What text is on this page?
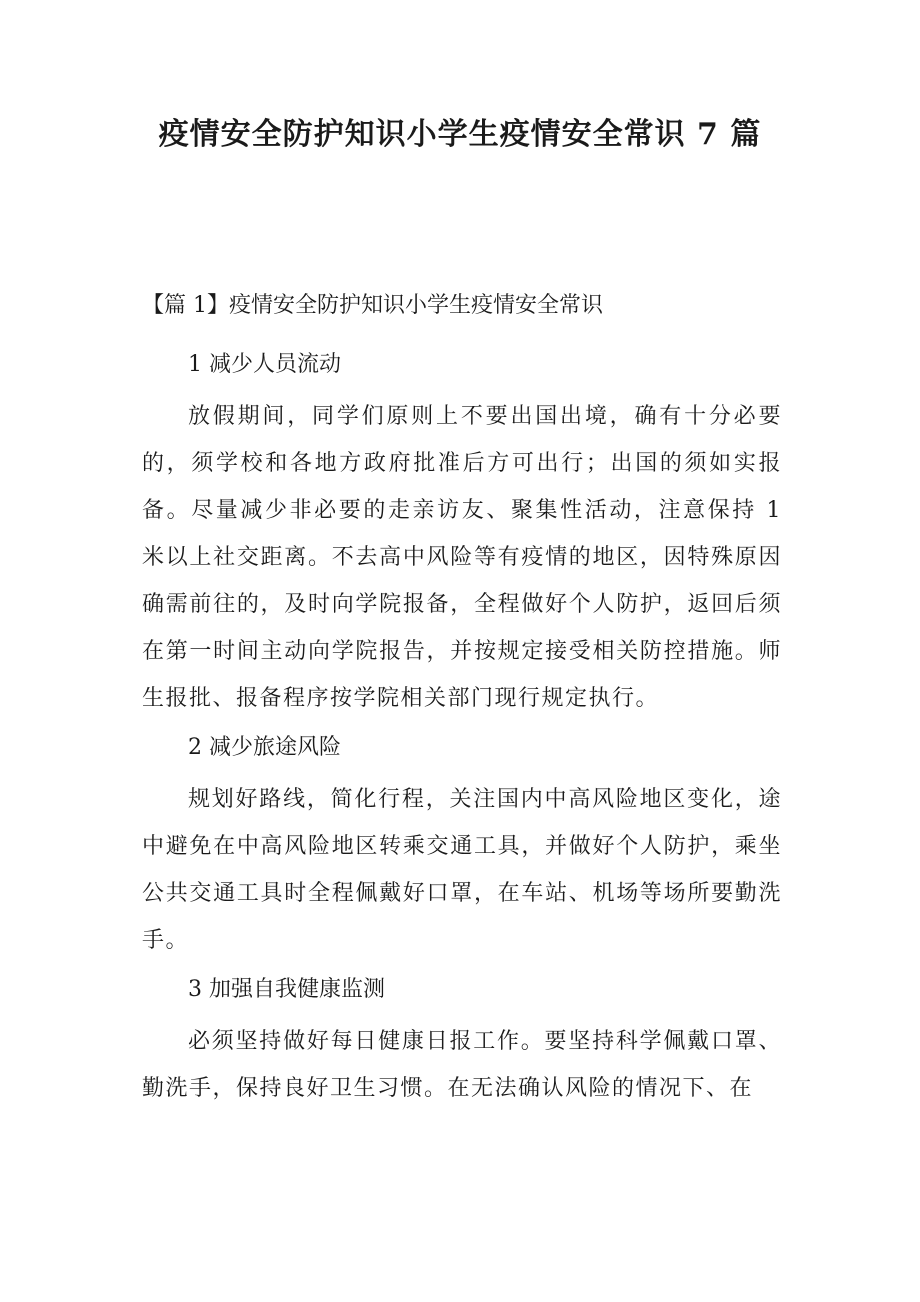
疫情安全防护知识小学生疫情安全常识 7 篇
【篇 1】疫情安全防护知识小学生疫情安全常识
1 减少人员流动

放假期间，同学们原则上不要出国出境，确有十分必要的，须学校和各地方政府批准后方可出行；出国的须如实报备。尽量减少非必要的走亲访友、聚集性活动，注意保持 1 米以上社交距离。不去高中风险等有疫情的地区，因特殊原因确需前往的，及时向学院报备，全程做好个人防护，返回后须在第一时间主动向学院报告，并按规定接受相关防控措施。师生报批、报备程序按学院相关部门现行规定执行。

2 减少旅途风险

规划好路线，简化行程，关注国内中高风险地区变化，途中避免在中高风险地区转乘交通工具，并做好个人防护，乘坐公共交通工具时全程佩戴好口罩，在车站、机场等场所要勤洗手。

3 加强自我健康监测

必须坚持做好每日健康日报工作。要坚持科学佩戴口罩、勤洗手，保持良好卫生习惯。在无法确认风险的情况下、在
